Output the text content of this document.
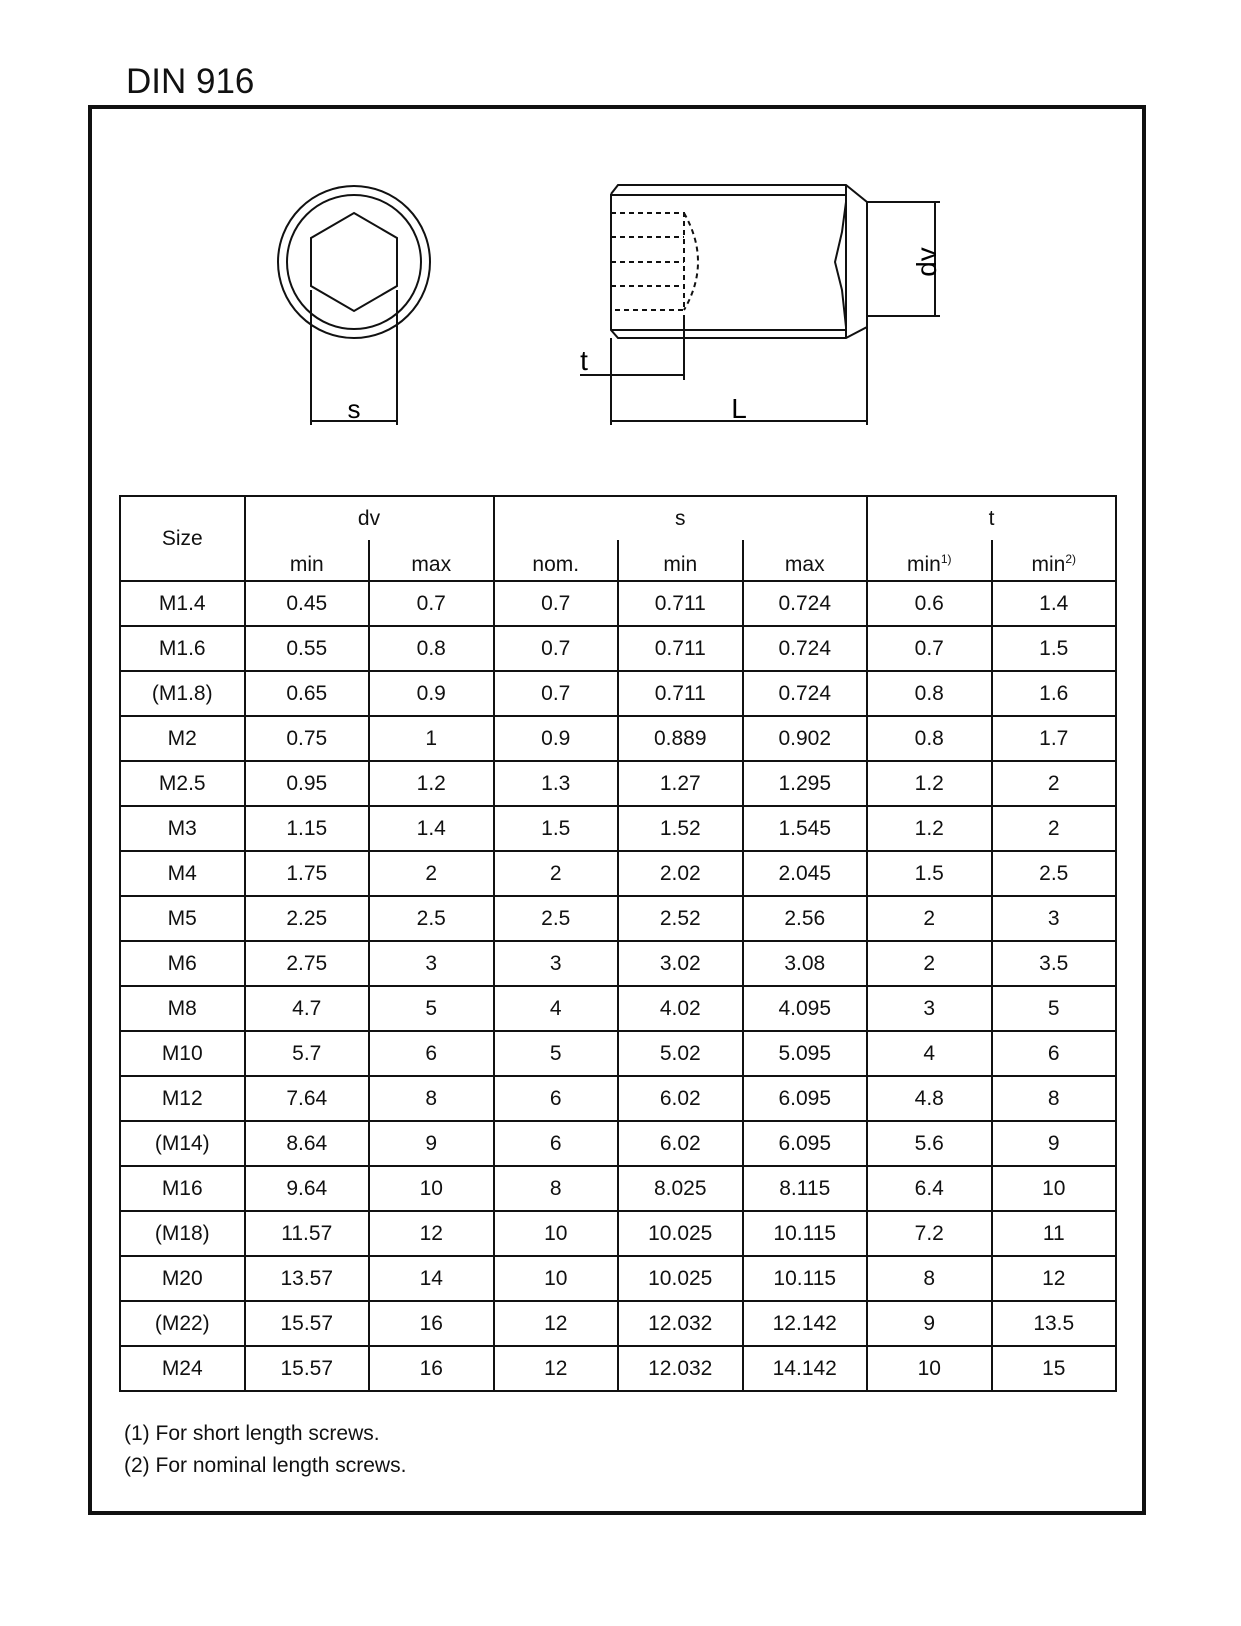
DIN 916
s
t
L
dv
Size	dv		s			t	
	min	max	nom.	min	max	$\min^{1)}$	$\min^{2)}$
M1.4	0.45	0.7	0.7	0.711	0.724	0.6	1.4
M1.6	0.55	0.8	0.7	0.711	0.724	0.7	1.5
(M1.8)	0.65	0.9	0.7	0.711	0.724	0.8	1.6
M2	0.75	1	0.9	0.889	0.902	0.8	1.7
M2.5	0.95	1.2	1.3	1.27	1.295	1.2	2
M3	1.15	1.4	1.5	1.52	1.545	1.2	2
M4	1.75	2	2	2.02	2.045	1.5	2.5
M5	2.25	2.5	2.5	2.52	2.56	2	3
M6	2.75	3	3	3.02	3.08	2	3.5
M8	4.7	5	4	4.02	4.095	3	5
M10	5.7	6	5	5.02	5.095	4	6
M12	7.64	8	6	6.02	6.095	4.8	8
(M14)	8.64	9	6	6.02	6.095	5.6	9
M16	9.64	10	8	8.025	8.115	6.4	10
(M18)	11.57	12	10	10.025	10.115	7.2	11
M20	13.57	14	10	10.025	10.115	8	12
(M22)	15.57	16	12	12.032	12.142	9	13.5
M24	15.57	16	12	12.032	14.142	10	15
(1) For short length screws.
(2) For nominal length screws.
